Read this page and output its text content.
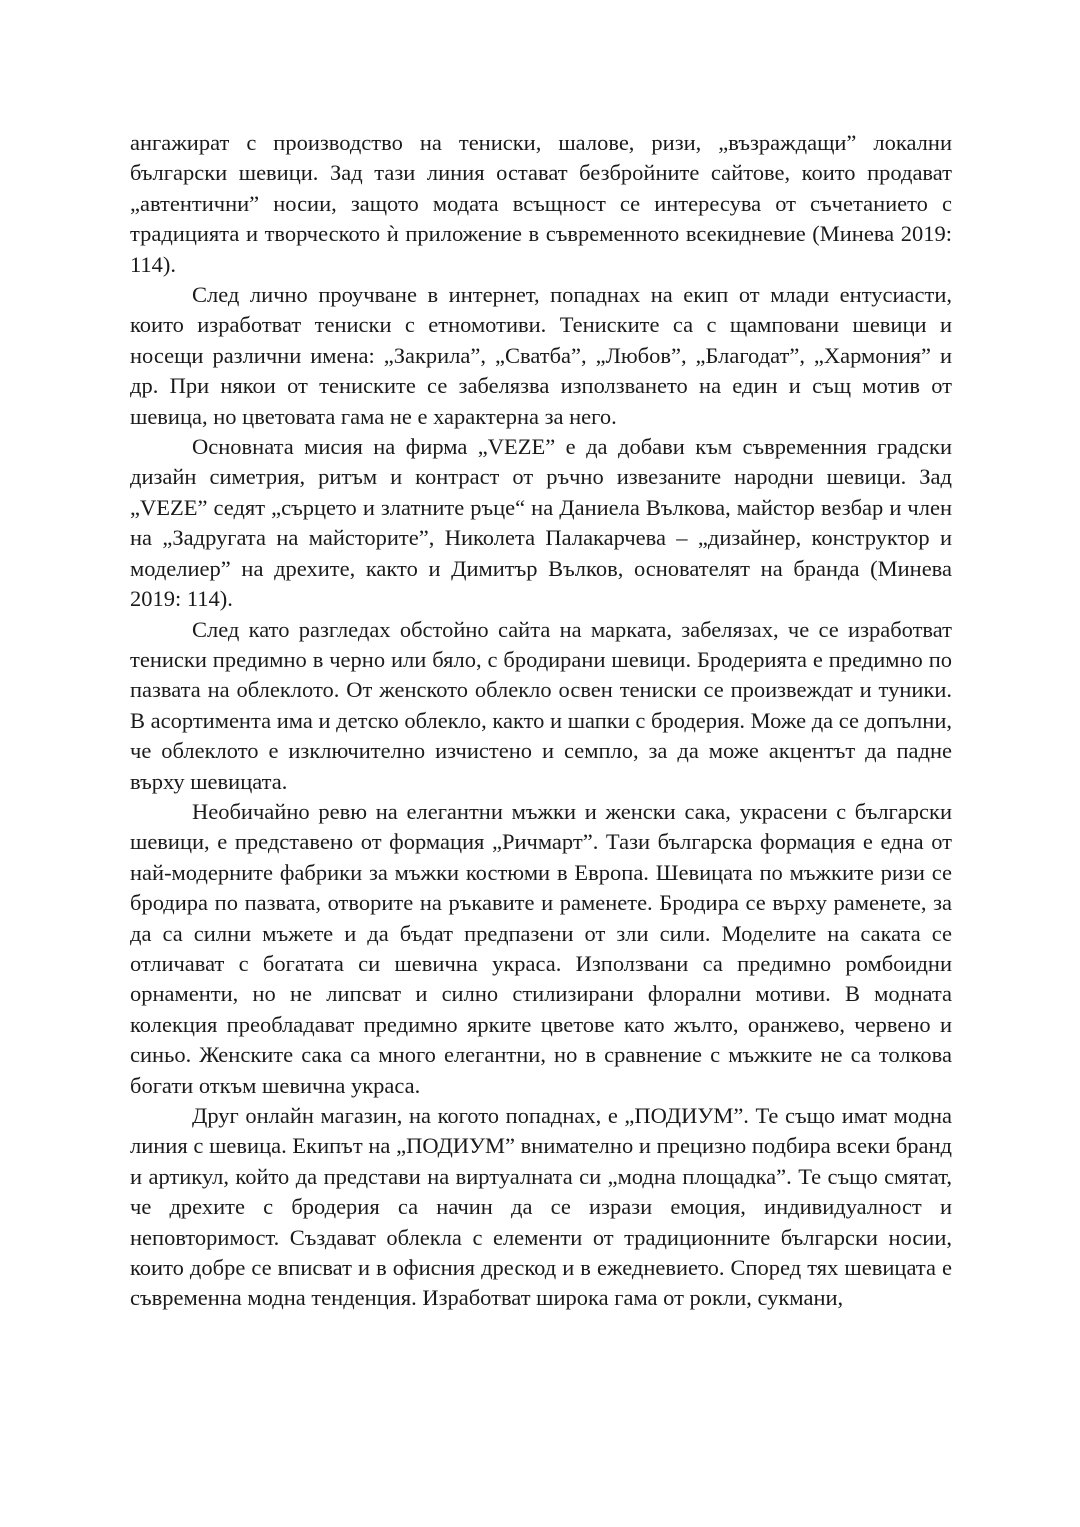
ангажират с производство на тениски, шалове, ризи, „възраждащи” локални български шевици. Зад тази линия остават безбройните сайтове, които продават „автентични” носии, защото модата всъщност се интересува от съчетанието с традицията и творческото ѝ приложение в съвременното всекидневие (Минева 2019: 114).

След лично проучване в интернет, попаднах на екип от млади ентусиасти, които изработват тениски с етномотиви. Тениските са с щамповани шевици и носещи различни имена: „Закрила”, „Сватба”, „Любов”, „Благодат”, „Хармония” и др. При някои от тениските се забелязва използването на един и същ мотив от шевица, но цветовата гама не е характерна за него.

Основната мисия на фирма „VEZE” е да добави към съвременния градски дизайн симетрия, ритъм и контраст от ръчно извезаните народни шевици. Зад „VEZE” седят „сърцето и златните ръце“ на Даниела Вълкова, майстор везбар и член на „Задругата на майсторите”, Николета Палакарчева – „дизайнер, конструктор и моделиер” на дрехите, както и Димитър Вълков, основателят на бранда (Минева 2019: 114).

След като разгледах обстойно сайта на марката, забелязах, че се изработват тениски предимно в черно или бяло, с бродирани шевици. Бродерията е предимно по пазвата на облеклото. От женското облекло освен тениски се произвеждат и туники. В асортимента има и детско облекло, както и шапки с бродерия. Може да се допълни, че облеклото е изключително изчистено и семпло, за да може акцентът да падне върху шевицата.

Необичайно ревю на елегантни мъжки и женски сака, украсени с български шевици, е представено от формация „Ричмарт”. Тази българска формация е една от най-модерните фабрики за мъжки костюми в Европа. Шевицата по мъжките ризи се бродира по пазвата, отворите на ръкавите и раменете. Бродира се върху раменете, за да са силни мъжете и да бъдат предпазени от зли сили. Моделите на саката се отличават с богатата си шевична украса. Използвани са предимно ромбоидни орнаменти, но не липсват и силно стилизирани флорални мотиви. В модната колекция преобладават предимно ярките цветове като жълто, оранжево, червено и синьо. Женските сака са много елегантни, но в сравнение с мъжките не са толкова богати откъм шевична украса.

Друг онлайн магазин, на когото попаднах, е „ПОДИУМ”. Те също имат модна линия с шевица. Екипът на „ПОДИУМ” внимателно и прецизно подбира всеки бранд и артикул, който да представи на виртуалната си „модна площадка”. Те също смятат, че дрехите с бродерия са начин да се изрази емоция, индивидуалност и неповторимост. Създават облекла с елементи от традиционните български носии, които добре се вписват и в офисния дрескод и в ежедневието. Според тях шевицата е съвременна модна тенденция. Изработват широка гама от рокли, сукмани,
